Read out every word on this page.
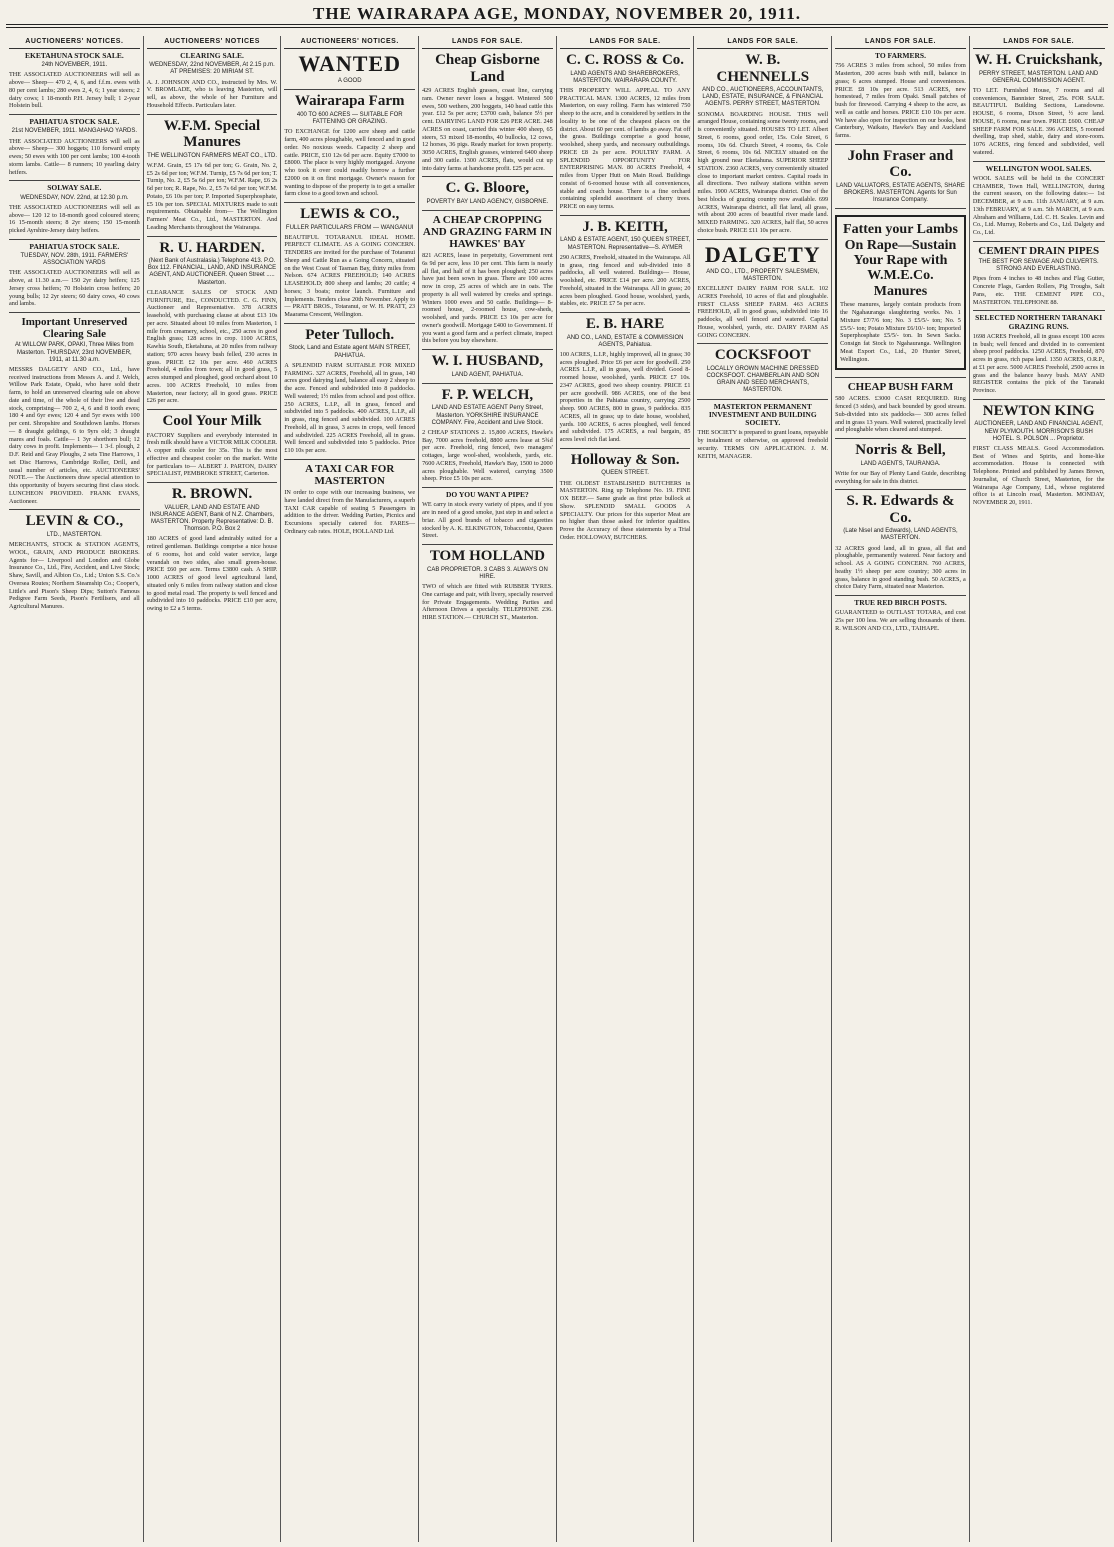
THE WAIRARAPA AGE, MONDAY, NOVEMBER 20, 1911.
AUCTIONEERS' NOTICES.
EKETAHUNA STOCK SALE.
24th NOVEMBER, 1911.
THE ASSOCIATED AUCTIONEERS will sell as above— Sheep— 470 2, 4, 6, and f.f.m. ewes with 80 per cent lambs; 280 ewes 2, 4, 6; 1 year steers; 2 dairy cows; 1 18-month P.H. Jersey bull; 1 2-year Holstein bull.
PAHIATUA STOCK SALE.
21st NOVEMBER, 1911. MANGAHAO YARDS.
THE ASSOCIATED AUCTIONEERS will sell as above— Sheep— 300 hoggets; 110 forward empty ewes; 50 ewes with 100 per cent lambs; 100 4-tooth storm lambs. Cattle— 8 runners; 10 yearling dairy heifers.
SOLWAY SALE.
WEDNESDAY, NOV. 22nd, at 12.30 p.m.
THE ASSOCIATED AUCTIONEERS will sell as above— 120 12 to 18-month good coloured steers; 16 15-month steers; 8 2yr steers; 150 15-month picked Ayrshire-Jersey dairy heifers.
PAHIATUA STOCK SALE.
TUESDAY, NOV. 28th, 1911. FARMERS' ASSOCIATION YARDS
THE ASSOCIATED AUCTIONEERS will sell as above, at 11.30 a.m.— 150 2yr dairy heifers; 125 Jersey cross heifers; 70 Holstein cross heifers; 20 young bulls; 12 2yr steers; 60 dairy cows, 40 cows and lambs.
Important Unreserved Clearing Sale
At WILLOW PARK, OPAKI, Three Miles from Masterton. THURSDAY, 23rd NOVEMBER, 1911, at 11.30 a.m.
MESSRS DALGETY AND CO., Ltd., have received instructions from Messrs A. and J. Welch, Willow Park Estate, Opaki, who have sold their farm, to hold an unreserved clearing sale on above date and time, of the whole of their live and dead stock, comprising— 700 2, 4, 6 and 8 tooth ewes; 180 4 and 6yr ewes; 120 4 and 5yr ewes with 100 per cent. Shropshire and Southdown lambs. Horses— 8 draught geldings, 6 to 9yrs old; 3 draught mares and foals. Cattle— 1 3yr shorthorn bull; 12 dairy cows in profit. Implements— 1 3-f. plough, 2 D.F. Reid and Gray Ploughs, 2 sets Tine Harrows, 1 set Disc Harrows, Cambridge Roller, Drill, and usual number of articles, etc. AUCTIONEERS' NOTE.— The Auctioneers draw special attention to this opportunity of buyers securing first class stock. LUNCHEON PROVIDED. FRANK EVANS, Auctioneer.
LEVIN & CO.,
LTD., MASTERTON.
MERCHANTS, STOCK & STATION AGENTS, WOOL, GRAIN, AND PRODUCE BROKERS. Agents for— Liverpool and London and Globe Insurance Co., Ltd., Fire, Accident, and Live Stock; Shaw, Savill, and Albion Co., Ltd.; Union S.S. Co.'s Oversea Routes; Northern Steamship Co.; Cooper's, Little's and Pison's Sheep Dips; Sutton's Famous Pedigree Farm Seeds, Pison's Fertilisers, and all Agricultural Manures.
AUCTIONEERS' NOTICES
CLEARING SALE.
WEDNESDAY, 22nd NOVEMBER, At 2.15 p.m. AT PREMISES: 20 MIRIAM ST.
A. J. JOHNSON AND CO., instructed by Mrs. W. V. BROMLADE, who is leaving Masterton, will sell, as above, the whole of her Furniture and Household Effects. Particulars later.
W.F.M. Special Manures
THE WELLINGTON FARMERS MEAT CO., LTD.
W.F.M. Grain, £5 17s 6d per ton; G. Grain, No. 2, £5 2s 6d per ton; W.F.M. Turnip, £5 7s 6d per ton; T. Turnip, No. 2, £5 5s 6d per ton; W.F.M. Rape, £6 2s 6d per ton; R. Rape, No. 2, £5 7s 6d per ton; W.F.M. Potato, £6 10s per ton; P. Imported Superphosphate, £5 10s per ton. SPECIAL MIXTURES made to suit requirements. Obtainable from— The Wellington Farmers' Meat Co., Ltd., MASTERTON. And Leading Merchants throughout the Wairarapa.
R. U. HARDEN.
(Next Bank of Australasia.) Telephone 413. P.O. Box 112. FINANCIAL, LAND, AND INSURANCE AGENT, AND AUCTIONEER. Queen Street ..... Masterton.
CLEARANCE SALES OF STOCK AND FURNITURE, Etc., CONDUCTED. C. G. FINN, Auctioneer and Representative. 378 ACRES leasehold, with purchasing clause at about £13 10s per acre. Situated about 10 miles from Masterton, 1 mile from creamery, school, etc., 250 acres in good English grass; 128 acres in crop. 1100 ACRES, Kawhia South, Eketahuna, at 20 miles from railway station; 970 acres heavy bush felled, 230 acres in grass. PRICE £2 10s per acre. 460 ACRES Freehold, 4 miles from town; all in good grass, 5 acres stumped and ploughed, good orchard about 10 acres. 100 ACRES Freehold, 10 miles from Masterton, near factory; all in good grass. PRICE £26 per acre.
Cool Your Milk
FACTORY Suppliers and everybody interested in fresh milk should have a VICTOR MILK COOLER. A copper milk cooler for 35s. This is the most effective and cheapest cooler on the market. Write for particulars to— ALBERT J. PARTON, DAIRY SPECIALIST, PEMBROKE STREET, Carterton.
R. BROWN.
VALUER, LAND AND ESTATE AND INSURANCE AGENT, Bank of N.Z. Chambers, MASTERTON. Property Representative: D. B. Thomson. P.O. Box 2
180 ACRES of good land admirably suited for a retired gentleman. Buildings comprise a nice house of 6 rooms, hot and cold water service, large verandah on two sides, also small green-house. PRICE £60 per acre. Terms £3800 cash. A SHIP. 1000 ACRES of good level agricultural land, situated only 6 miles from railway station and close to good metal road. The property is well fenced and subdivided into 10 paddocks. PRICE £10 per acre, owing to £2 a 5 terms.
AUCTIONEERS' NOTICES.
WANTED
A GOOD
Wairarapa Farm
400 TO 600 ACRES — SUITABLE FOR FATTENING OR GRAZING.
TO EXCHANGE for 1200 acre sheep and cattle farm, 400 acres ploughable, well fenced and in good order. No noxious weeds. Capacity 2 sheep and cattle. PRICE, £10 12s 6d per acre. Equity £7000 to £8000. The place is very highly mortgaged. Anyone who took it over could readily borrow a further £2000 on it on first mortgage. Owner's reason for wanting to dispose of the property is to get a smaller farm close to a good town and school.
LEWIS & CO.,
FULLER PARTICULARS FROM — WANGANUI
BEAUTIFUL TOTARANUI. IDEAL HOME. PERFECT CLIMATE. AS A GOING CONCERN. TENDERS are invited for the purchase of Totaranui Sheep and Cattle Run as a Going Concern, situated on the West Coast of Tasman Bay, thirty miles from Nelson. 674 ACRES FREEHOLD; 140 ACRES LEASEHOLD; 800 sheep and lambs; 20 cattle; 4 horses; 3 boats; motor launch. Furniture and Implements. Tenders close 20th November. Apply to— PRATT BROS., Totaranui, or W. H. PRATT, 23 Maarama Crescent, Wellington.
Peter Tulloch.
Stock, Land and Estate agent MAIN STREET, PAHIATUA.
A SPLENDID FARM SUITABLE FOR MIXED FARMING. 327 ACRES, Freehold, all in grass, 140 acres good dairying land, balance all easy 2 sheep to the acre. Fenced and subdivided into 8 paddocks. Well watered; 1½ miles from school and post office. 250 ACRES, L.I.P., all in grass, fenced and subdivided into 5 paddocks. 400 ACRES, L.I.P., all in grass, ring fenced and subdivided. 100 ACRES Freehold, all in grass, 3 acres in crops, well fenced and subdivided. 225 ACRES Freehold, all in grass. Well fenced and subdivided into 5 paddocks. Price £10 10s per acre.
A TAXI CAR FOR MASTERTON
IN order to cope with our increasing business, we have landed direct from the Manufacturers, a superb TAXI CAR capable of seating 5 Passengers in addition to the driver. Wedding Parties, Picnics and Excursions specially catered for. FARES— Ordinary cab rates. HOLE, HOLLAND Ltd.
LANDS FOR SALE.
Cheap Gisborne Land
429 ACRES English grasses, coast line, carrying ram. Owner never loses a hogget. Wintered 500 ewes, 500 wethers, 200 hoggets, 140 head cattle this year. £12 5s per acre; £3700 cash, balance 5½ per cent. DAIRYING LAND FOR £26 PER ACRE. 248 ACRES on coast, carried this winter 400 sheep, 65 steers, 53 mixed 18-months, 40 bullocks, 12 cows, 12 horses, 36 pigs. Ready market for town property. 3050 ACRES, English grasses, wintered 6400 sheep and 300 cattle. 1300 ACRES, flats, would cut up into dairy farms at handsome profit. £25 per acre.
C. G. Bloore,
POVERTY BAY LAND AGENCY, GISBORNE.
A CHEAP CROPPING AND GRAZING FARM IN HAWKES' BAY
821 ACRES, lease in perpetuity, Government rent 6s 9d per acre, less 10 per cent. This farm is nearly all flat, and half of it has been ploughed; 250 acres have just been sown in grass. There are 100 acres now in crop, 25 acres of which are in oats. The property is all well watered by creeks and springs. Winters 1000 ewes and 50 cattle. Buildings— 8-roomed house, 2-roomed house, cow-sheds, woolshed, and yards. PRICE £3 10s per acre for owner's goodwill. Mortgage £400 to Government. If you want a good farm and a perfect climate, inspect this before you buy elsewhere.
W. I. HUSBAND,
LAND AGENT, PAHIATUA.
F. P. WELCH,
LAND AND ESTATE AGENT Perry Street, Masterton. YORKSHIRE INSURANCE COMPANY. Fire, Accident and Live Stock.
2 CHEAP STATIONS 2. 15,800 ACRES, Hawke's Bay, 7000 acres freehold, 8800 acres lease at 5¾d per acre. Freehold, ring fenced, two managers' cottages, large wool-shed, woolsheds, yards, etc. 7600 ACRES, Freehold, Hawke's Bay, 1500 to 2000 acres ploughable. Well watered, carrying 3500 sheep. Price £5 10s per acre.
DO YOU WANT A PIPE?
WE carry in stock every variety of pipes, and if you are in need of a good smoke, just step in and select a briar. All good brands of tobacco and cigarettes stocked by A. K. ELKINGTON, Tobacconist, Queen Street.
TOM HOLLAND
CAB PROPRIETOR. 3 CABS 3. ALWAYS ON HIRE.
TWO of which are fitted with RUBBER TYRES. One carriage and pair, with livery, specially reserved for Private Engagements. Wedding Parties and Afternoon Drives a specialty. TELEPHONE 236. HIRE STATION.— CHURCH ST., Masterton.
LANDS FOR SALE.
C. C. ROSS & Co.
LAND AGENTS AND SHAREBROKERS, MASTERTON. WAIRARAPA COUNTY.
THIS PROPERTY WILL APPEAL TO ANY PRACTICAL MAN. 1300 ACRES, 12 miles from Masterton, on easy rolling. Farm has wintered 750 sheep to the acre, and is considered by settlers in the locality to be one of the cheapest places on the district. About 60 per cent. of lambs go away. Fat off the grass. Buildings comprise a good house, woolshed, sheep yards, and necessary outbuildings. PRICE £8 2s per acre. POULTRY FARM. A SPLENDID OPPORTUNITY FOR ENTERPRISING MAN. 80 ACRES Freehold, 4 miles from Upper Hutt on Main Road. Buildings consist of 6-roomed house with all conveniences, stable and coach house. There is a fine orchard containing splendid assortment of cherry trees. PRICE on easy terms.
J. B. KEITH,
LAND & ESTATE AGENT, 150 QUEEN STREET, MASTERTON. Representative—S. AYMER
290 ACRES, Freehold, situated in the Wairarapa. All in grass, ring fenced and sub-divided into 8 paddocks, all well watered. Buildings— House, woolshed, etc. PRICE £14 per acre. 200 ACRES, Freehold, situated in the Wairarapa. All in grass; 20 acres been ploughed. Good house, woolshed, yards, stables, etc. PRICE £7 5s per acre.
E. B. HARE
AND CO., LAND, ESTATE & COMMISSION AGENTS, Pahiatua.
100 ACRES, L.I.P., highly improved, all in grass; 30 acres ploughed. Price £6 per acre for goodwill. 250 ACRES L.I.P., all in grass, well divided. Good 8-roomed house, woolshed, yards. PRICE £7 10s. 2347 ACRES, good two sheep country. PRICE £1 per acre goodwill. 986 ACRES, one of the best properties in the Pahiatua country, carrying 2500 sheep. 900 ACRES, 800 in grass, 9 paddocks. 835 ACRES, all in grass; up to date house, woolshed, yards. 100 ACRES, 6 acres ploughed, well fenced and subdivided. 175 ACRES, a real bargain, 85 acres level rich flat land.
Holloway & Son.
QUEEN STREET.
THE OLDEST ESTABLISHED BUTCHERS in MASTERTON. Ring up Telephone No. 19. FINE OX BEEF.— Same grade as first prize bullock at Show. SPLENDID SMALL GOODS A SPECIALTY. Our prices for this superior Meat are no higher than those asked for inferior qualities. Prove the Accuracy of these statements by a Trial Order. HOLLOWAY, BUTCHERS.
LANDS FOR SALE.
W. B. CHENNELLS
AND CO., AUCTIONEERS, ACCOUNTANTS, LAND, ESTATE, INSURANCE, & FINANCIAL AGENTS. PERRY STREET, MASTERTON.
SONOMA BOARDING HOUSE. THIS well arranged House, containing some twenty rooms, and is conveniently situated. HOUSES TO LET. Albert Street, 6 rooms, good order, 15s. Cole Street, 6 rooms, 10s 6d. Church Street, 4 rooms, 6s. Cole Street, 6 rooms, 10s 6d. NICELY situated on the high ground near Eketahuna. SUPERIOR SHEEP STATION. 2360 ACRES, very conveniently situated close to important market centres. Capital roads in all directions. Two railway stations within seven miles. 1900 ACRES, Wairarapa district. One of the best blocks of grazing country now available. 699 ACRES, Wairarapa district, all flat land, all grass, with about 200 acres of beautiful river made land. MIXED FARMING. 320 ACRES, half flat, 50 acres choice bush. PRICE £11 10s per acre.
DALGETY
AND CO., LTD., PROPERTY SALESMEN, MASTERTON.
EXCELLENT DAIRY FARM FOR SALE. 102 ACRES Freehold, 10 acres of flat and ploughable. FIRST CLASS SHEEP FARM. 463 ACRES FREEHOLD, all in good grass, subdivided into 16 paddocks, all well fenced and watered. Capital House, woolshed, yards, etc. DAIRY FARM AS GOING CONCERN.
COCKSFOOT
LOCALLY GROWN MACHINE DRESSED COCKSFOOT. CHAMBERLAIN AND SON GRAIN AND SEED MERCHANTS, MASTERTON.
MASTERTON PERMANENT INVESTMENT AND BUILDING SOCIETY.
THE SOCIETY is prepared to grant loans, repayable by instalment or otherwise, on approved freehold security. TERMS ON APPLICATION. J. M. KEITH, MANAGER.
LANDS FOR SALE.
TO FARMERS.
756 ACRES 3 miles from school, 50 miles from Masterton, 200 acres bush with mill, balance in grass; 6 acres stumped. House and conveniences. PRICE £8 10s per acre. 513 ACRES, new homestead, 7 miles from Opaki. Small patches of bush for firewood. Carrying 4 sheep to the acre, as well as cattle and horses. PRICE £10 10s per acre. We have also open for inspection on our books, best Canterbury, Waikato, Hawke's Bay and Auckland farms.
John Fraser and Co.
LAND VALUATORS, ESTATE AGENTS, SHARE BROKERS. MASTERTON. Agents for Sun Insurance Company.
Fatten your Lambs On Rape—Sustain Your Rape with W.M.E.Co. Manures
These manures, largely contain products from the Ngahauranga slaughtering works. No. 1 Mixture £7/7/6 ton; No. 3 £5/5/- ton; No. 5 £5/5/- ton; Potato Mixture £6/10/- ton; Imported Superphosphate £5/5/- ton. In Sewn Sacks. Consign fat Stock to Ngahauranga. Wellington Meat Export Co., Ltd., 20 Hunter Street, Wellington.
CHEAP BUSH FARM
580 ACRES. £3000 CASH REQUIRED. Ring fenced (3 sides), and back bounded by good stream. Sub-divided into six paddocks— 300 acres felled and in grass 13 years. Well watered, practically level and ploughable when cleared and stumped.
Norris & Bell,
LAND AGENTS, TAURANGA.
Write for our Bay of Plenty Land Guide, describing everything for sale in this district.
S. R. Edwards & Co.
(Late Nisel and Edwards), LAND AGENTS, MASTERTON.
32 ACRES good land, all in grass, all flat and ploughable, permanently watered. Near factory and school. AS A GOING CONCERN. 760 ACRES, heathy 1½ sheep per acre country; 300 acres in grass, balance in good standing bush. 50 ACRES, a choice Dairy Farm, situated near Masterton.
TRUE RED BIRCH POSTS.
GUARANTEED to OUTLAST TOTARA, and cost 25s per 100 less. We are selling thousands of them. R. WILSON AND CO., LTD., TAIHAPE.
LANDS FOR SALE.
W. H. Cruickshank,
PERRY STREET, MASTERTON. LAND AND GENERAL COMMISSION AGENT.
TO LET. Furnished House, 7 rooms and all conveniences, Bannister Street, 25s. FOR SALE. BEAUTIFUL Building Sections, Lansdowne. HOUSE, 6 rooms, Dixon Street, ½ acre land. HOUSE, 6 rooms, near town. PRICE £600. CHEAP SHEEP FARM FOR SALE. 396 ACRES, 5 roomed dwelling, trap shed, stable, dairy and store-room. 1076 ACRES, ring fenced and subdivided, well watered.
WELLINGTON WOOL SALES.
WOOL SALES will be held in the CONCERT CHAMBER, Town Hall, WELLINGTON, during the current season, on the following dates:— 1st DECEMBER, at 9 a.m. 11th JANUARY, at 9 a.m. 13th FEBRUARY, at 9 a.m. 5th MARCH, at 9 a.m. Abraham and Williams, Ltd. C. H. Scales. Levin and Co., Ltd. Murray, Roberts and Co., Ltd. Dalgety and Co., Ltd.
CEMENT DRAIN PIPES
THE BEST FOR SEWAGE AND CULVERTS. STRONG AND EVERLASTING.
Pipes from 4 inches to 48 inches and Flag Gutter, Concrete Flags, Garden Rollers, Pig Troughs, Salt Pans, etc. THE CEMENT PIPE CO., MASTERTON. TELEPHONE 88.
SELECTED NORTHERN TARANAKI GRAZING RUNS.
1698 ACRES Freehold, all in grass except 100 acres in bush; well fenced and divided in to convenient sheep proof paddocks. 1250 ACRES, Freehold, 870 acres in grass, rich papa land. 1350 ACRES, O.R.P., at £1 per acre. 5000 ACRES Freehold, 2500 acres in grass and the balance heavy bush. MAY AND REGISTER contains the pick of the Taranaki Province.
NEWTON KING
AUCTIONEER, LAND AND FINANCIAL AGENT, NEW PLYMOUTH. MORRISON'S BUSH HOTEL. S. POLSON ... Proprietor.
FIRST CLASS MEALS. Good Accommodation. Best of Wines and Spirits, and home-like accommodation. House is connected with Telephone. Printed and published by James Brown, Journalist, of Church Street, Masterton, for the Wairarapa Age Company, Ltd., whose registered office is at Lincoln road, Masterton. MONDAY, NOVEMBER 20, 1911.
